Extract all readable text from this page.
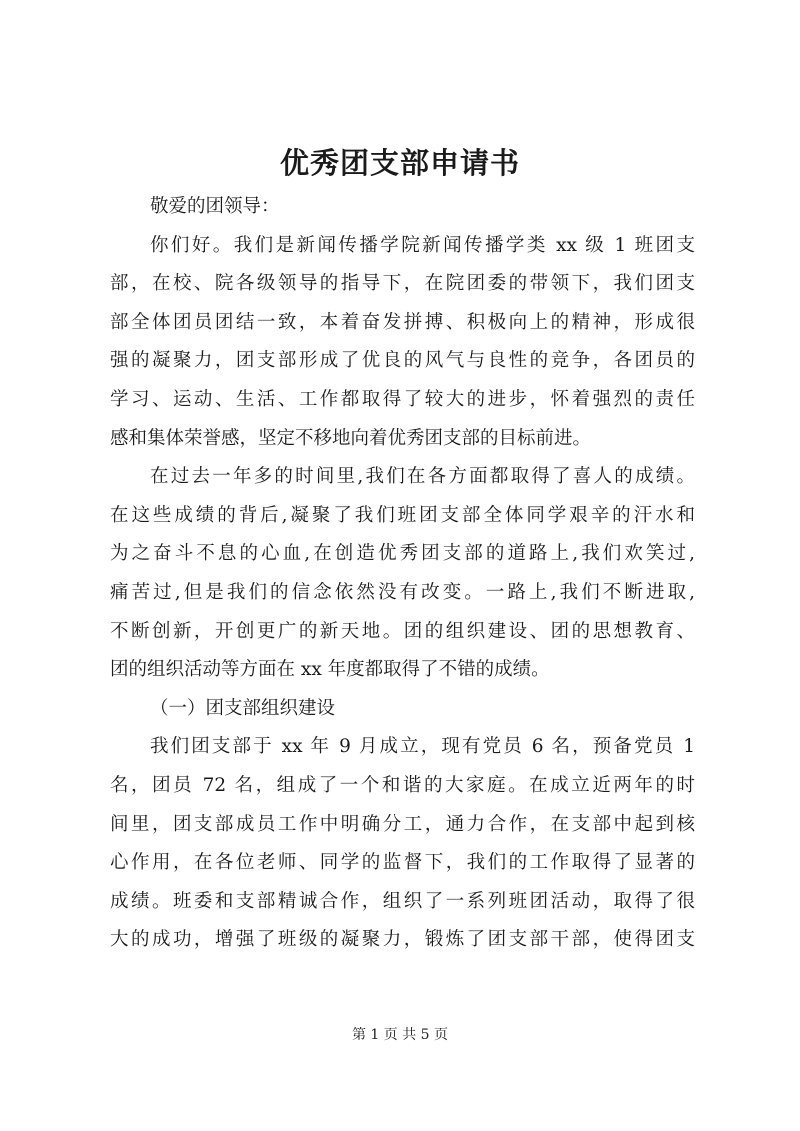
优秀团支部申请书
敬爱的团领导：
你们好。我们是新闻传播学院新闻传播学类 xx 级 1 班团支
部，在校、院各级领导的指导下，在院团委的带领下，我们团支
部全体团员团结一致，本着奋发拼搏、积极向上的精神，形成很
强的凝聚力，团支部形成了优良的风气与良性的竞争，各团员的
学习、运动、生活、工作都取得了较大的进步，怀着强烈的责任
感和集体荣誉感，坚定不移地向着优秀团支部的目标前进。
在过去一年多的时间里,我们在各方面都取得了喜人的成绩。
在这些成绩的背后,凝聚了我们班团支部全体同学艰辛的汗水和
为之奋斗不息的心血,在创造优秀团支部的道路上,我们欢笑过,
痛苦过,但是我们的信念依然没有改变。一路上,我们不断进取,
不断创新，开创更广的新天地。团的组织建设、团的思想教育、
团的组织活动等方面在 xx 年度都取得了不错的成绩。
（一）团支部组织建设
我们团支部于 xx 年 9 月成立，现有党员 6 名，预备党员 1
名，团员 72 名，组成了一个和谐的大家庭。在成立近两年的时
间里，团支部成员工作中明确分工，通力合作，在支部中起到核
心作用，在各位老师、同学的监督下，我们的工作取得了显著的
成绩。班委和支部精诚合作，组织了一系列班团活动，取得了很
大的成功，增强了班级的凝聚力，锻炼了团支部干部，使得团支
第 1 页 共 5 页
